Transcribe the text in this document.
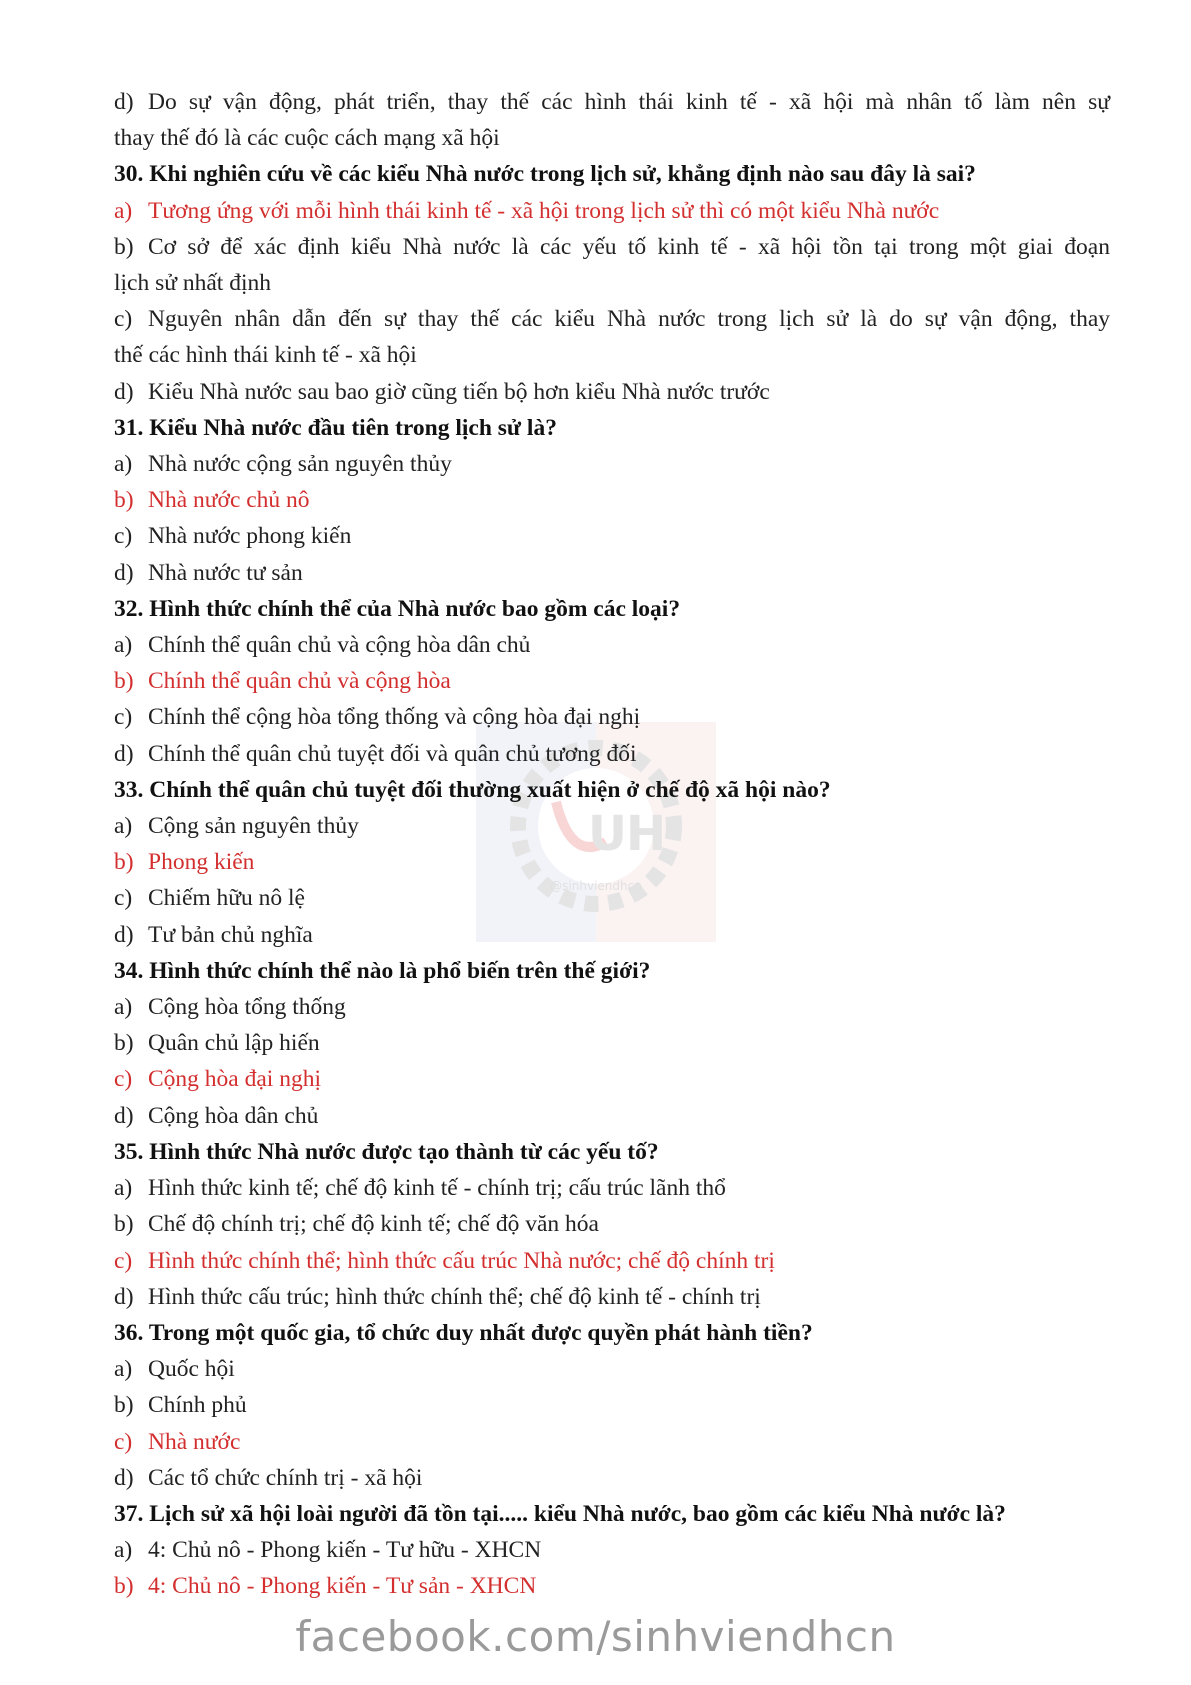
H
U
@sinhviendhcn
d) Do sự vận động, phát triển, thay thế các hình thái kinh tế - xã hội mà nhân tố làm nên sự
thay thế đó là các cuộc cách mạng xã hội
30. Khi nghiên cứu về các kiểu Nhà nước trong lịch sử, khẳng định nào sau đây là sai?
a) Tương ứng với mỗi hình thái kinh tế - xã hội trong lịch sử thì có một kiểu Nhà nước
b) Cơ sở để xác định kiểu Nhà nước là các yếu tố kinh tế - xã hội tồn tại trong một giai đoạn
lịch sử nhất định
c) Nguyên nhân dẫn đến sự thay thế các kiểu Nhà nước trong lịch sử là do sự vận động, thay
thế các hình thái kinh tế - xã hội
d) Kiểu Nhà nước sau bao giờ cũng tiến bộ hơn kiểu Nhà nước trước
31. Kiểu Nhà nước đầu tiên trong lịch sử là?
a) Nhà nước cộng sản nguyên thủy
b) Nhà nước chủ nô
c) Nhà nước phong kiến
d) Nhà nước tư sản
32. Hình thức chính thể của Nhà nước bao gồm các loại?
a) Chính thể quân chủ và cộng hòa dân chủ
b) Chính thể quân chủ và cộng hòa
c) Chính thể cộng hòa tổng thống và cộng hòa đại nghị
d) Chính thể quân chủ tuyệt đối và quân chủ tương đối
33. Chính thể quân chủ tuyệt đối thường xuất hiện ở chế độ xã hội nào?
a) Cộng sản nguyên thủy
b) Phong kiến
c) Chiếm hữu nô lệ
d) Tư bản chủ nghĩa
34. Hình thức chính thể nào là phổ biến trên thế giới?
a) Cộng hòa tổng thống
b) Quân chủ lập hiến
c) Cộng hòa đại nghị
d) Cộng hòa dân chủ
35. Hình thức Nhà nước được tạo thành từ các yếu tố?
a) Hình thức kinh tế; chế độ kinh tế - chính trị; cấu trúc lãnh thổ
b) Chế độ chính trị; chế độ kinh tế; chế độ văn hóa
c) Hình thức chính thể; hình thức cấu trúc Nhà nước; chế độ chính trị
d) Hình thức cấu trúc; hình thức chính thể; chế độ kinh tế - chính trị
36. Trong một quốc gia, tổ chức duy nhất được quyền phát hành tiền?
a) Quốc hội
b) Chính phủ
c) Nhà nước
d) Các tổ chức chính trị - xã hội
37. Lịch sử xã hội loài người đã tồn tại..... kiểu Nhà nước, bao gồm các kiểu Nhà nước là?
a) 4: Chủ nô - Phong kiến - Tư hữu - XHCN
b) 4: Chủ nô - Phong kiến - Tư sản - XHCN
facebook.com/sinhviendhcn
